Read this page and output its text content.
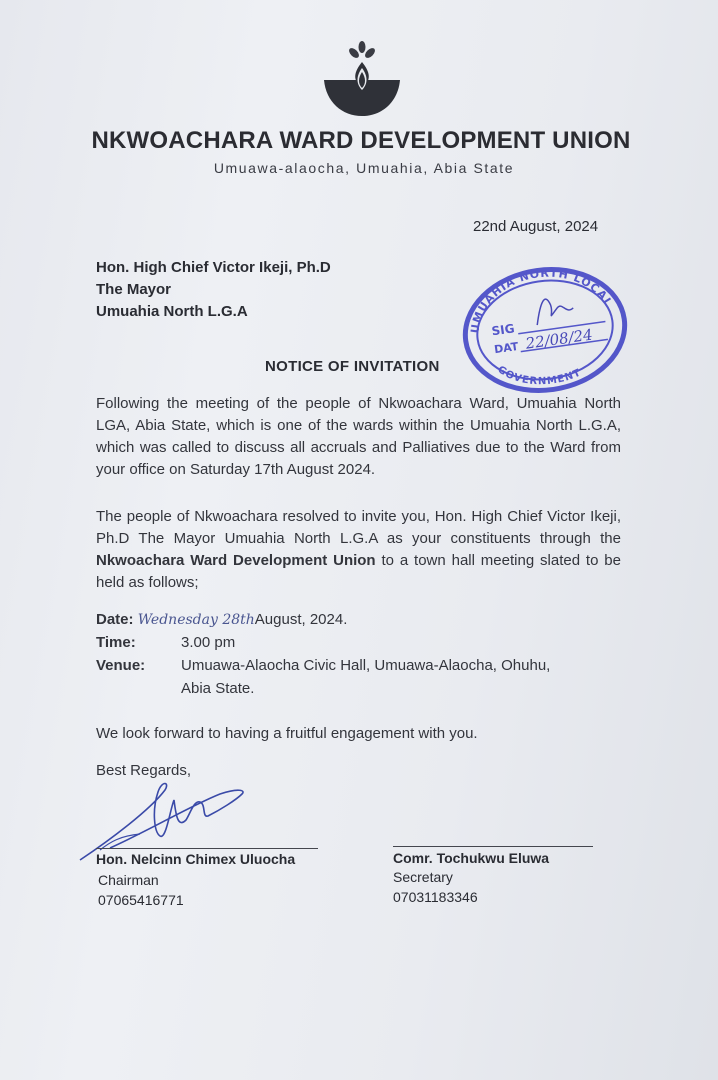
NKWOACHARA WARD DEVELOPMENT UNION
Umuawa-alaocha, Umuahia, Abia State
22nd August, 2024
Hon. High Chief Victor Ikeji, Ph.D
The Mayor
Umuahia North L.G.A
UMUAHIA NORTH LOCAL
GOVERNMENT
SIG
DAT 22/08/24
NOTICE OF INVITATION
Following the meeting of the people of Nkwoachara Ward, Umuahia North LGA, Abia State, which is one of the wards within the Umuahia North L.G.A, which was called to discuss all accruals and Palliatives due to the Ward from your office on Saturday 17th August 2024.
The people of Nkwoachara resolved to invite you, Hon. High Chief Victor Ikeji, Ph.D The Mayor Umuahia North L.G.A as your constituents through the Nkwoachara Ward Development Union to a town hall meeting slated to be held as follows;
Date: Wednesday 28thAugust, 2024.
Time:	3.00 pm
Venue: Umuawa-Alaocha Civic Hall, Umuawa-Alaocha, Ohuhu,
Abia State.
We look forward to having a fruitful engagement with you.
Best Regards,
Hon. Nelcinn Chimex Uluocha
Chairman
07065416771
Comr. Tochukwu Eluwa
Secretary
07031183346
